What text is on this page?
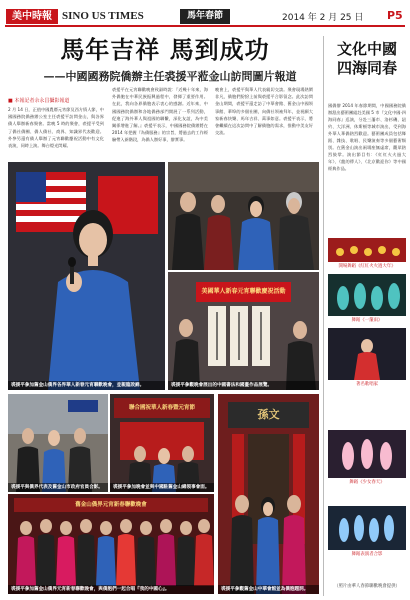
美中時報 SINO US TIMES	馬年春節	2014 年 2 月 25 日 P5
馬年吉祥 馬到成功
——中國國務院僑辦主任裘援平蒞金山訪問圖片報道
■ 本報記者余永昌攝影報道
2 月 14 日，正值中國農曆元宵節及西方情人節，中國國務院僑務辦公室主任裘援平訪問金山，與各界僑人舉辦新春聚會。當晚 5 時的聚會，裘援平受到了僑社僑團、僑人僑社、商界、知識界代表歡迎。外參另還有僑人舉辦了元宵聯歡慶祝活動中有文化表演，同時上演。舞台燈光閃耀。
裘援平在元宵聯歡晚會致辭時說：『近幾十年來，海外僑胞在中華民族振興過程中，發揮了重要作用。在此，我向各界僑胞表示衷心的感謝。近年來，中國國務院僑辦和各地僑務部門開展了一系列活動，促進了海外華人與祖國的聯繫，深化友誼，為中美關係增進了解。』裘援平表示，中國國務院僑辦將在 2014 年把握『為僑服務』的宗旨，將過去的工作經驗帶入新階段，為僑人辦好事，辦實事。
晚會上，裘援平與華人代表親切交談。聚會現場熱鬧非凡，僑胞們紛紛上前與裘援平合影留念。此次訪問金山期間，裘援平還走訪了中華會館、舊金山中國領事館、華埠的多個社團，向僑社領袖拜年，並祝願大家新春快樂、馬年吉祥、萬事如意。裘援平表示，將會繼續在這次訪問中了解僑胞的需求，推動中美友好交流。
裘援平參加舊金山僑界各界華人新春元宵聯歡晚會，並親臨致辭。
美國華人新春元宵聯歡慶祝活動
裘援平參觀晚會展出的中國書法和國畫作品展覽。
裘援平與僑界代表及舊金山市政府官員合影。
聯合國祝華人新春暨元宵節
裘援平參加晚會並與中國駐舊金山總領事會面。
舊金山僑界元宵新春聯歡晚會
裘援平參加舊金山僑界元宵新春聯歡晚會，與僑胞們一起合唱『我的中國心』。
孫文
裘援平參觀舊金山中華會館並為僑胞題詞。
文化中國
四海同春
國僑辦 2014 年春節期間，中國國務院僑辦派出藝術團組赴美國 5 市『文化中國·四海同春』巡演，分赴三藩市、洛杉磯、紐約、大洋洲、休斯頓等城市演出，受到海外華人華僑熱烈歡迎。藝術團成員包括舞蹈、雜技、歌唱、民樂演奏等多個藝術類別。在舊金山演出兩場座無虛席，觀眾熱烈鼓掌。演出節目有：《紅紅火火過大年》、《龍的傳人》、《北京歡迎你》等中國經典作品。
開場舞蹈《紅紅火火過大年》
舞蹈《一簾雨》
著名歌唱家
舞蹈《少女春天》
舞蹈表演者合影
（照片由華人春節聯歡晚會提供）
